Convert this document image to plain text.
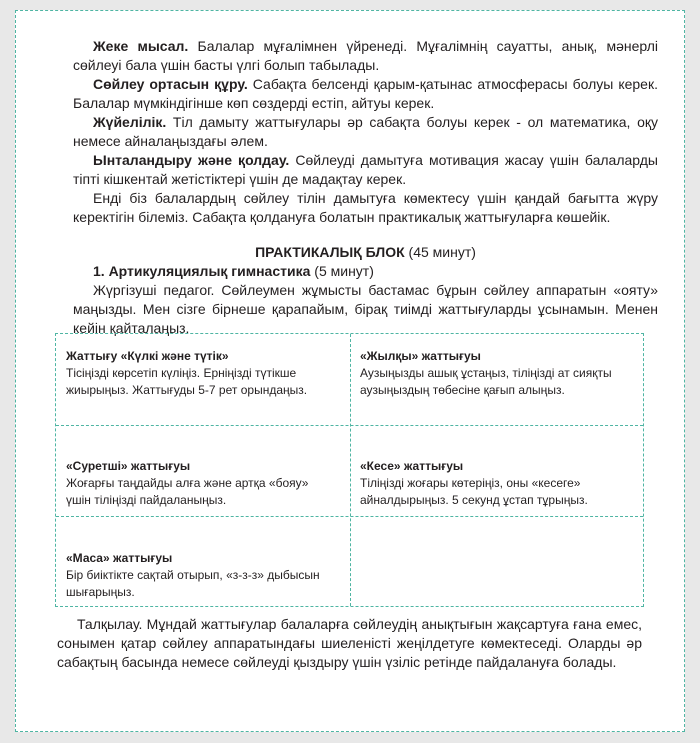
Жеке мысал. Балалар мұғалімнен үйренеді. Мұғалімнің сауатты, анық, мәнерлі сөйлеуі бала үшін басты үлгі болып табылады.

Сөйлеу ортасын құру. Сабақта белсенді қарым-қатынас атмосферасы болуы керек. Балалар мүмкіндігінше көп сөздерді естіп, айтуы керек.

Жүйелілік. Тіл дамыту жаттығулары әр сабақта болуы керек - ол математика, оқу немесе айналаңыздағы әлем.

Ынталандыру және қолдау. Сөйлеуді дамытуға мотивация жасау үшін балаларды тіпті кішкентай жетістіктері үшін де мадақтау керек.

Енді біз балалардың сөйлеу тілін дамытуға көмектесу үшін қандай бағытта жүру керектігін білеміз. Сабақта қолдануға болатын практикалық жаттығуларға көшейік.

ПРАКТИКАЛЫҚ БЛОК (45 минут)

1. Артикуляциялық гимнастика (5 минут)

Жүргізуші педагог. Сөйлеумен жұмысты бастамас бұрын сөйлеу аппаратын «ояту» маңызды. Мен сізге бірнеше қарапайым, бірақ тиімді жаттығуларды ұсынамын. Менен кейін қайталаңыз.

Жаттығу «Күлкі және түтік»
Тісіңізді көрсетіп күліңіз. Ерніңізді түтікше жиырыңыз. Жаттығуды 5-7 рет орындаңыз.
«Жылқы» жаттығуы
Аузыңызды ашық ұстаңыз, тіліңізді ат сияқты аузыңыздың төбесіне қағып алыңыз.
«Суретші» жаттығуы
Жоғарғы таңдайды алға және артқа «бояу» үшін тіліңізді пайдаланыңыз.
«Кесе» жаттығуы
Тіліңізді жоғары көтеріңіз, оны «кесеге» айналдырыңыз. 5 секунд ұстап тұрыңыз.
«Маса» жаттығуы
Бір биіктікте сақтай отырып, «з-з-з» дыбысын шығарыңыз.

Талқылау. Мұндай жаттығулар балаларға сөйлеудің анықтығын жақсартуға ғана емес, сонымен қатар сөйлеу аппаратындағы шиеленісті жеңілдетуге көмектеседі. Оларды әр сабақтың басында немесе сөйлеуді қыздыру үшін үзіліс ретінде пайдалануға болады.
